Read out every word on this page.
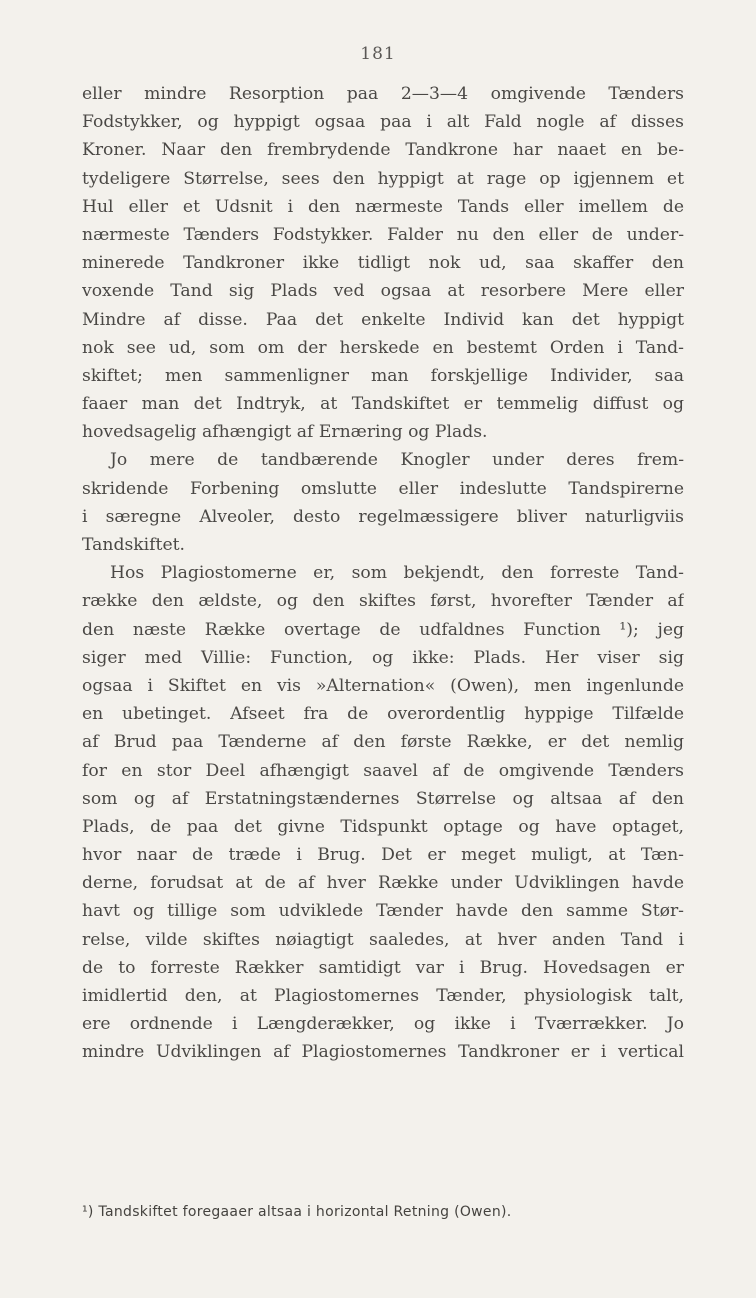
181
eller mindre Resorption paa 2—3—4 omgivende Tænders
Fodstykker, og hyppigt ogsaa paa i alt Fald nogle af disses
Kroner. Naar den frembrydende Tandkrone har naaet en be-
tydeligere Størrelse, sees den hyppigt at rage op igjennem et
Hul eller et Udsnit i den nærmeste Tands eller imellem de
nærmeste Tænders Fodstykker. Falder nu den eller de under-
minerede Tandkroner ikke tidligt nok ud, saa skaffer den
voxende Tand sig Plads ved ogsaa at resorbere Mere eller
Mindre af disse. Paa det enkelte Individ kan det hyppigt
nok see ud, som om der herskede en bestemt Orden i Tand-
skiftet; men sammenligner man forskjellige Individer, saa
faaer man det Indtryk, at Tandskiftet er temmelig diffust og
hovedsagelig afhængigt af Ernæring og Plads.
Jo mere de tandbærende Knogler under deres frem-
skridende Forbening omslutte eller indeslutte Tandspirerne
i særegne Alveoler, desto regelmæssigere bliver naturligviis
Tandskiftet.
Hos Plagiostomerne er, som bekjendt, den forreste Tand-
række den ældste, og den skiftes først, hvorefter Tænder af
den næste Række overtage de udfaldnes Function ¹); jeg
siger med Villie: Function, og ikke: Plads. Her viser sig
ogsaa i Skiftet en vis »Alternation« (Owen), men ingenlunde
en ubetinget. Afseet fra de overordentlig hyppige Tilfælde
af Brud paa Tænderne af den første Række, er det nemlig
for en stor Deel afhængigt saavel af de omgivende Tænders
som og af Erstatningstændernes Størrelse og altsaa af den
Plads, de paa det givne Tidspunkt optage og have optaget,
hvor naar de træde i Brug. Det er meget muligt, at Tæn-
derne, forudsat at de af hver Række under Udviklingen havde
havt og tillige som udviklede Tænder havde den samme Stør-
relse, vilde skiftes nøiagtigt saaledes, at hver anden Tand i
de to forreste Rækker samtidigt var i Brug. Hovedsagen er
imidlertid den, at Plagiostomernes Tænder, physiologisk talt,
ere ordnende i Længderækker, og ikke i Tværrækker. Jo
mindre Udviklingen af Plagiostomernes Tandkroner er i vertical
¹) Tandskiftet foregaaer altsaa i horizontal Retning (Owen).
